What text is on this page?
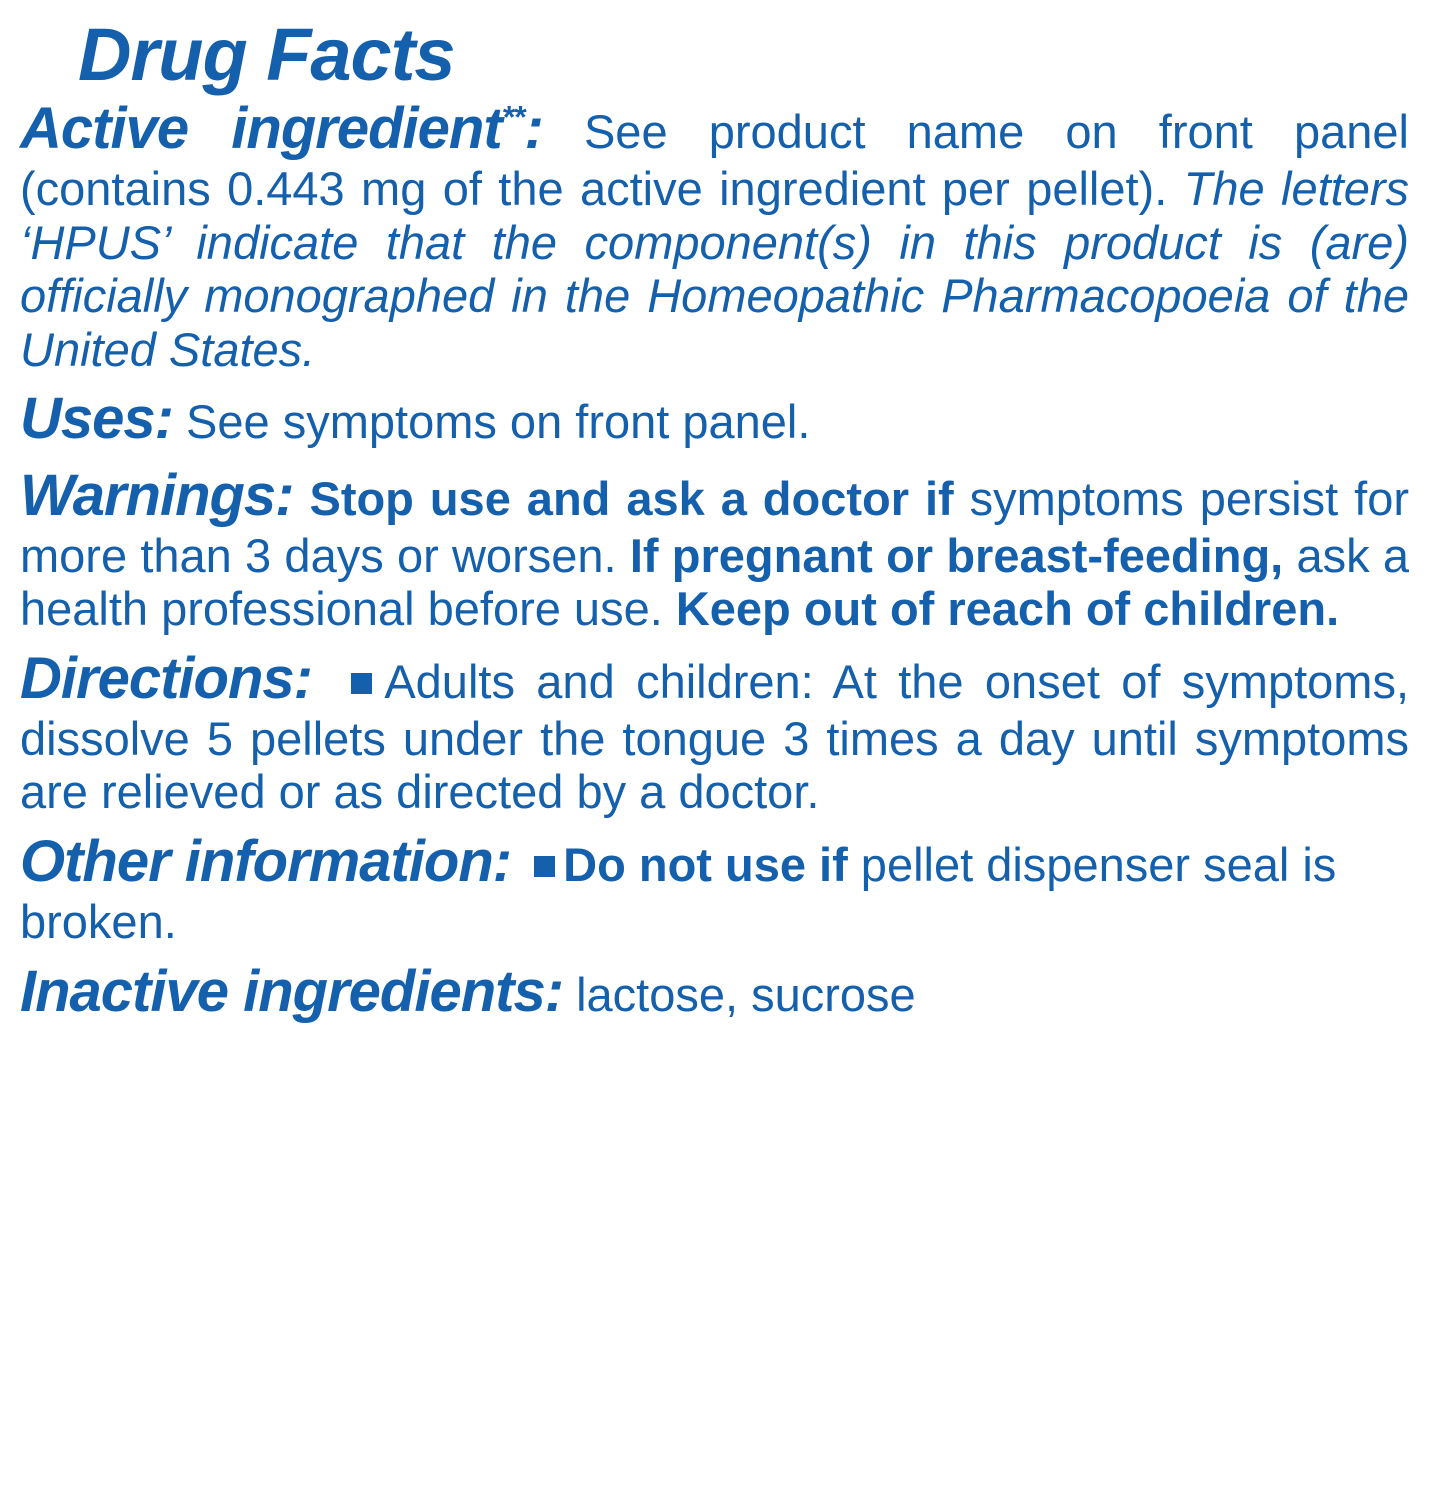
Drug Facts

Active ingredient**: See product name on front panel (contains 0.443 mg of the active ingredient per pellet). The letters ‘HPUS’ indicate that the component(s) in this product is (are) officially monographed in the Homeopathic Pharmacopoeia of the United States.

Uses: See symptoms on front panel.

Warnings: Stop use and ask a doctor if symptoms persist for more than 3 days or worsen. If pregnant or breast-feeding, ask a health professional before use. Keep out of reach of children.

Directions: Adults and children: At the onset of symptoms, dissolve 5 pellets under the tongue 3 times a day until symptoms are relieved or as directed by a doctor.

Other information: Do not use if pellet dispenser seal is broken.

Inactive ingredients: lactose, sucrose
